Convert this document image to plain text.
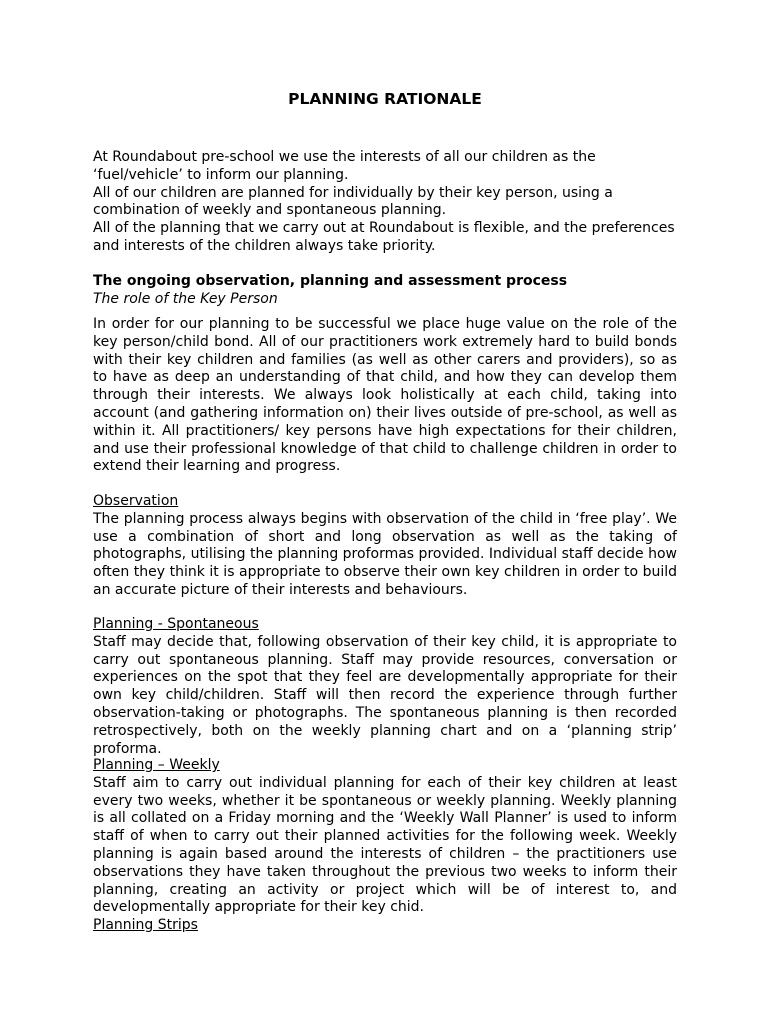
PLANNING RATIONALE

At Roundabout pre-school we use the interests of all our children as the ‘fuel/vehicle’ to inform our planning.

All of our children are planned for individually by their key person, using a combination of weekly and spontaneous planning.

All of the planning that we carry out at Roundabout is flexible, and the preferences and interests of the children always take priority.

The ongoing observation, planning and assessment process

The role of the Key Person

In order for our planning to be successful we place huge value on the role of the key person/child bond. All of our practitioners work extremely hard to build bonds with their key children and families (as well as other carers and providers), so as to have as deep an understanding of that child, and how they can develop them through their interests. We always look holistically at each child, taking into account (and gathering information on) their lives outside of pre-school, as well as within it. All practitioners/ key persons have high expectations for their children, and use their professional knowledge of that child to challenge children in order to extend their learning and progress.

Observation

The planning process always begins with observation of the child in ‘free play’. We use a combination of short and long observation as well as the taking of photographs, utilising the planning proformas provided. Individual staff decide how often they think it is appropriate to observe their own key children in order to build an accurate picture of their interests and behaviours.

Planning - Spontaneous

Staff may decide that, following observation of their key child, it is appropriate to carry out spontaneous planning. Staff may provide resources, conversation or experiences on the spot that they feel are developmentally appropriate for their own key child/children. Staff will then record the experience through further observation-taking or photographs. The spontaneous planning is then recorded retrospectively, both on the weekly planning chart and on a ‘planning strip’ proforma.

Planning – Weekly

Staff aim to carry out individual planning for each of their key children at least every two weeks, whether it be spontaneous or weekly planning. Weekly planning is all collated on a Friday morning and the ‘Weekly Wall Planner’ is used to inform staff of when to carry out their planned activities for the following week. Weekly planning is again based around the interests of children – the practitioners use observations they have taken throughout the previous two weeks to inform their planning, creating an activity or project which will be of interest to, and developmentally appropriate for their key chid.

Planning Strips
